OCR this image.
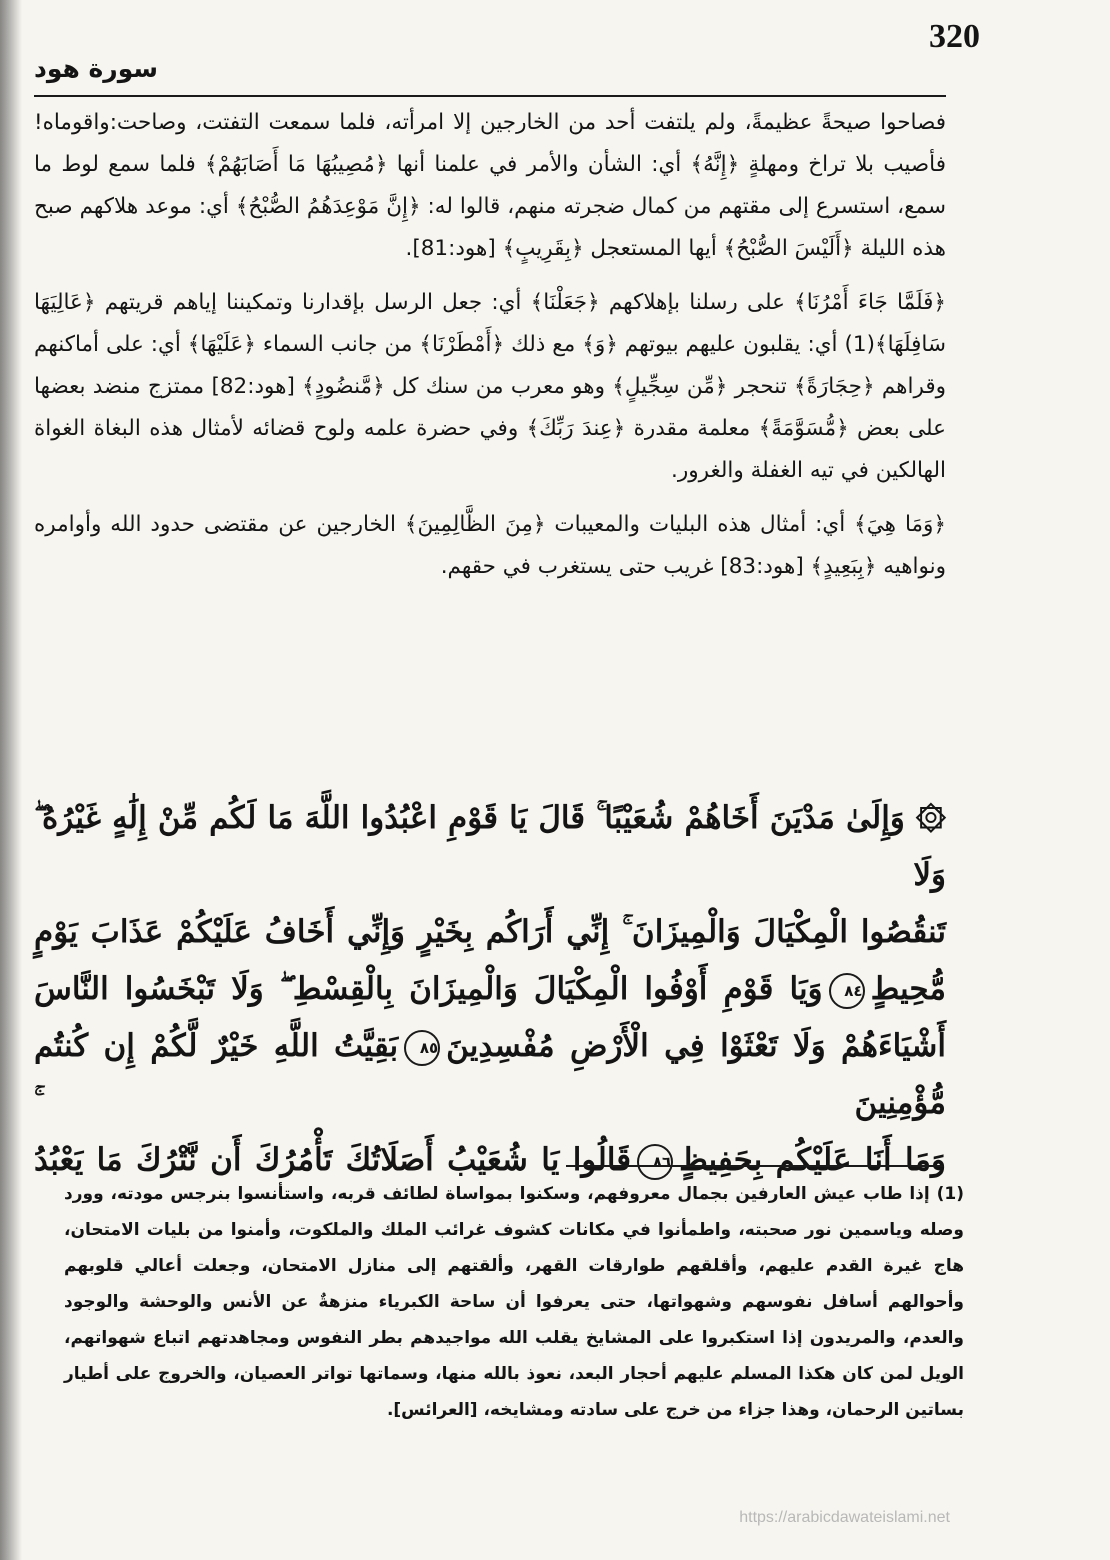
320
سورة هود

فصاحوا صيحةً عظيمةً، ولم يلتفت أحد من الخارجين إلا امرأته، فلما سمعت التفتت، وصاحت:واقوماه! فأصيب بلا تراخ ومهلةٍ ﴿إِنَّهُ﴾ أي: الشأن والأمر في علمنا أنها ﴿مُصِيبُهَا مَا أَصَابَهُمْ﴾ فلما سمع لوط ما سمع، استسرع إلى مقتهم من كمال ضجرته منهم، قالوا له: ﴿إِنَّ مَوْعِدَهُمُ الصُّبْحُ﴾ أي: موعد هلاكهم صبح هذه الليلة ﴿أَلَيْسَ الصُّبْحُ﴾ أيها المستعجل ﴿بِقَرِيبٍ﴾ [هود:81].

﴿فَلَمَّا جَاءَ أَمْرُنَا﴾ على رسلنا بإهلاكهم ﴿جَعَلْنَا﴾ أي: جعل الرسل بإقدارنا وتمكيننا إياهم قريتهم ﴿عَالِيَهَا سَافِلَهَا﴾(1) أي: يقلبون عليهم بيوتهم ﴿وَ﴾ مع ذلك ﴿أَمْطَرْنَا﴾ من جانب السماء ﴿عَلَيْهَا﴾ أي: على أماكنهم وقراهم ﴿حِجَارَةً﴾ تنحجر ﴿مِّن سِجِّيلٍ﴾ وهو معرب من سنك كل ﴿مَّنضُودٍ﴾ [هود:82] ممتزج منضد بعضها على بعض ﴿مُّسَوَّمَةً﴾ معلمة مقدرة ﴿عِندَ رَبِّكَ﴾ وفي حضرة علمه ولوح قضائه لأمثال هذه البغاة الغواة الهالكين في تيه الغفلة والغرور.

﴿وَمَا هِيَ﴾ أي: أمثال هذه البليات والمعيبات ﴿مِنَ الظَّالِمِينَ﴾ الخارجين عن مقتضى حدود الله وأوامره ونواهيه ﴿بِبَعِيدٍ﴾ [هود:83] غريب حتى يستغرب في حقهم.

۞ وَإِلَىٰ مَدْيَنَ أَخَاهُمْ شُعَيْبًا ۚ قَالَ يَا قَوْمِ اعْبُدُوا اللَّهَ مَا لَكُم مِّنْ إِلَٰهٍ غَيْرُهُ ۖ وَلَا
تَنقُصُوا الْمِكْيَالَ وَالْمِيزَانَ ۚ إِنِّي أَرَاكُم بِخَيْرٍ وَإِنِّي أَخَافُ عَلَيْكُمْ عَذَابَ يَوْمٍ
مُّحِيطٍ٨٤وَيَا قَوْمِ أَوْفُوا الْمِكْيَالَ وَالْمِيزَانَ بِالْقِسْطِ ۖ وَلَا تَبْخَسُوا النَّاسَ
أَشْيَاءَهُمْ وَلَا تَعْثَوْا فِي الْأَرْضِ مُفْسِدِينَ٨٥بَقِيَّتُ اللَّهِ خَيْرٌ لَّكُمْ إِن كُنتُم مُّؤْمِنِينَ ۚ
وَمَا أَنَا عَلَيْكُم بِحَفِيظٍ٨٦قَالُوا يَا شُعَيْبُ أَصَلَاتُكَ تَأْمُرُكَ أَن نَّتْرُكَ مَا يَعْبُدُ
(1) إذا طاب عيش العارفين بجمال معروفهم، وسكنوا بمواساة لطائف قربه، واستأنسوا بنرجس مودته، وورد وصله وياسمين نور صحبته، واطمأنوا في مكانات كشوف غرائب الملك والملكوت، وأمنوا من بليات الامتحان، هاج غيرة القدم عليهم، وأقلقهم طوارقات القهر، وألقتهم إلى منازل الامتحان، وجعلت أعالي قلوبهم وأحوالهم أسافل نفوسهم وشهواتها، حتى يعرفوا أن ساحة الكبرياء منزهةٌ عن الأنس والوحشة والوجود والعدم، والمريدون إذا استكبروا على المشايخ يقلب الله مواجيدهم بطر النفوس ومجاهدتهم اتباع شهواتهم، الويل لمن كان هكذا المسلم عليهم أحجار البعد، نعوذ بالله منها، وسماتها تواتر العصيان، والخروج على أطيار بساتين الرحمان، وهذا جزاء من خرج على سادته ومشايخه، [العرائس].
https://arabicdawateislami.net
